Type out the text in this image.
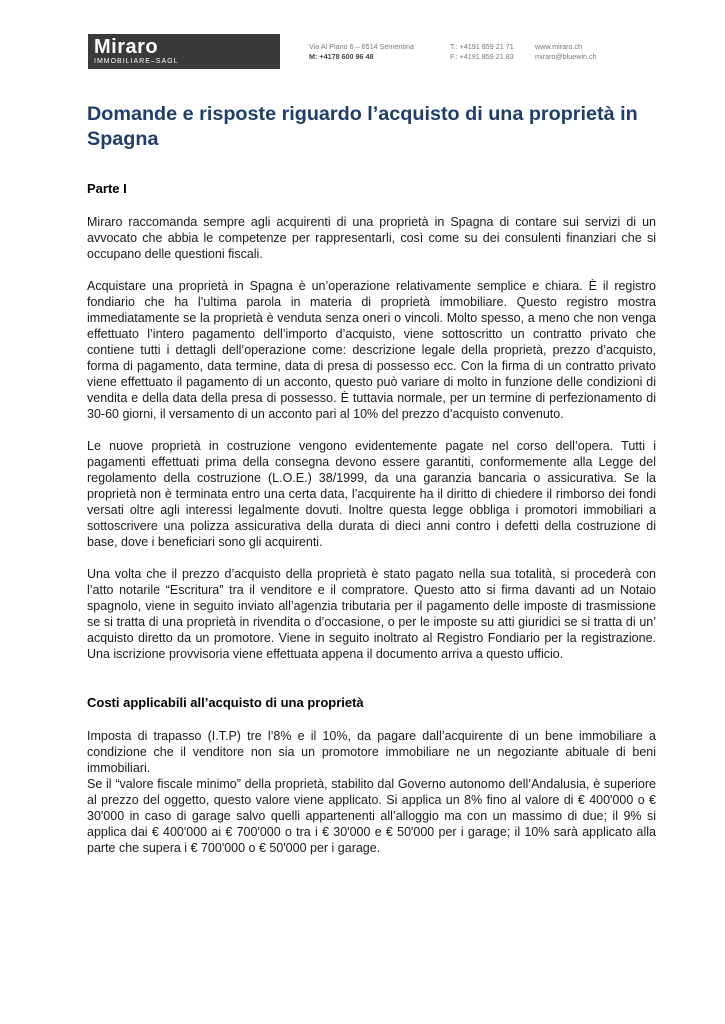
Miraro
IMMOBILIARE–SAGL
Via Al Piano 6 – 6514 Sementina
M: +4178 600 96 48
T.: +4191 859 21 71
F.: +4191 859 21 83
www.miraro.ch
miraro@bluewin.ch
Domande e risposte riguardo l’acquisto di una proprietà in Spagna
Parte I

Miraro raccomanda sempre agli acquirenti di una proprietà in Spagna di contare sui servizi di un avvocato che abbia le competenze per rappresentarli, così come su dei consulenti finanziari che si occupano delle questioni fiscali.

Acquistare una proprietà in Spagna è un’operazione relativamente semplice e chiara. È il registro fondiario che ha l’ultima parola in materia di proprietà immobiliare. Questo registro mostra immediatamente se la proprietà è venduta senza oneri o vincoli. Molto spesso, a meno che non venga effettuato l’intero pagamento dell’importo d’acquisto, viene sottoscritto un contratto privato che contiene tutti i dettagli dell’operazione come: descrizione legale della proprietà, prezzo d’acquisto, forma di pagamento, data termine, data di presa di possesso ecc. Con la firma di un contratto privato viene effettuato il pagamento di un acconto, questo può variare di molto in funzione delle condizioni di vendita e della data della presa di possesso. È tuttavia normale, per un termine di perfezionamento di 30-60 giorni, il versamento di un acconto pari al 10% del prezzo d’acquisto convenuto.

Le nuove proprietà in costruzione vengono evidentemente pagate nel corso dell’opera. Tutti i pagamenti effettuati prima della consegna devono essere garantiti, conformemente alla Legge del regolamento della costruzione (L.O.E.) 38/1999, da una garanzia bancaria o assicurativa. Se la proprietà non è terminata entro una certa data, l’acquirente ha il diritto di chiedere il rimborso dei fondi versati oltre agli interessi legalmente dovuti. Inoltre questa legge obbliga i promotori immobiliari a sottoscrivere una polizza assicurativa della durata di dieci anni contro i defetti della costruzione di base, dove i beneficiari sono gli acquirenti.

Una volta che il prezzo d’acquisto della proprietà è stato pagato nella sua totalità, si procederà con l’atto notarile “Escritura” tra il venditore e il compratore. Questo atto si firma davanti ad un Notaio spagnolo, viene in seguito inviato all’agenzia tributaria per il pagamento delle imposte di trasmissione se si tratta di una proprietà in rivendita o d’occasione, o per le imposte su atti giuridici se si tratta di un’ acquisto diretto da un promotore. Viene in seguito inoltrato al Registro Fondiario per la registrazione. Una iscrizione provvisoria viene effettuata appena il documento arriva a questo ufficio.

Costi applicabili all’acquisto di una proprietà

Imposta di trapasso (I.T.P) tre l’8% e il 10%, da pagare dall’acquirente di un bene immobiliare a condizione che il venditore non sia un promotore immobiliare ne un negoziante abituale di beni immobiliari.

Se il “valore fiscale minimo” della proprietà, stabilito dal Governo autonomo dell’Andalusia, è superiore al prezzo del oggetto, questo valore viene applicato. Si applica un 8% fino al valore di € 400'000 o € 30'000 in caso di garage salvo quelli appartenenti all’alloggio ma con un massimo di due; il 9% si applica dai € 400'000 ai € 700'000 o tra i € 30'000 e € 50'000 per i garage; il 10% sarà applicato alla parte che supera i € 700'000 o € 50'000 per i garage.
